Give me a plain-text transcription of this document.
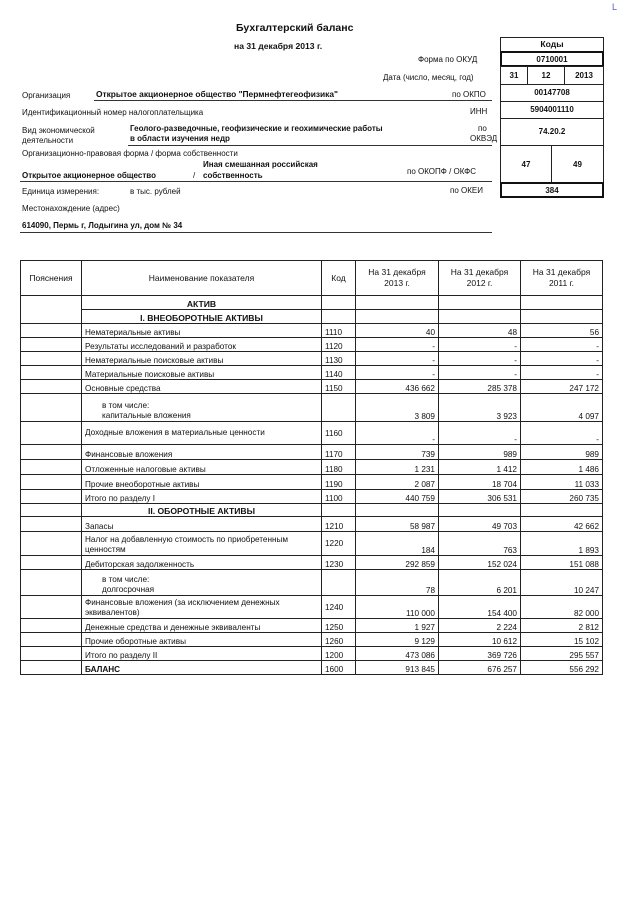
Бухгалтерский баланс
на 31 декабря 2013 г.
L
Коды
Форма по ОКУД	0710001
Дата (число, месяц, год)	31	12	2013
по ОКПО	00147708
ИНН	5904001110
по
ОКВЭД
74.20.2
по ОКОПФ / ОКФС
47	49
по ОКЕИ	384
Организация	Открытое акционерное общество "Пермнефтегеофизика"
Идентификационный номер налогоплательщика
Вид экономической
деятельности
Геолого-разведочные, геофизические и геохимические работы
в области изучения недр
Организационно-правовая форма / форма собственности
Открытое акционерное общество	/
Иная смешанная российская
собственность
Единица измерения:	в тыс. рублей
Местонахождение (адрес)
614090, Пермь г, Лодыгина ул, дом № 34
Пояснения	Наименование показателя	Код	На 31 декабря 2013 г.	На 31 декабря 2012 г.	На 31 декабря 2011 г.
	АКТИВ				
	I. ВНЕОБОРОТНЫЕ АКТИВЫ				
	Нематериальные активы	1110	40	48	56
	Результаты исследований и разработок	1120	-	-	-
	Нематериальные поисковые активы	1130	-	-	-
	Материальные поисковые активы	1140	-	-	-
	Основные средства	1150	436 662	285 378	247 172

	в том числе:
капитальные вложения		3 809	3 923	4 097
	Доходные вложения в материальные ценности	1160	-	-	-
	Финансовые вложения	1170	739	989	989
	Отложенные налоговые активы	1180	1 231	1 412	1 486
	Прочие внеоборотные активы	1190	2 087	18 704	11 033
	Итого по разделу I	1100	440 759	306 531	260 735
	II. ОБОРОТНЫЕ АКТИВЫ				
	Запасы	1210	58 987	49 703	42 662
	Налог на добавленную стоимость по приобретенным ценностям	1220	184	763	1 893
	Дебиторская задолженность	1230	292 859	152 024	151 088

	в том числе:
долгосрочная		78	6 201	10 247
	Финансовые вложения (за исключением денежных эквивалентов)	1240	110 000	154 400	82 000
	Денежные средства и денежные эквиваленты	1250	1 927	2 224	2 812
	Прочие оборотные активы	1260	9 129	10 612	15 102
	Итого по разделу II	1200	473 086	369 726	295 557
	БАЛАНС	1600	913 845	676 257	556 292
